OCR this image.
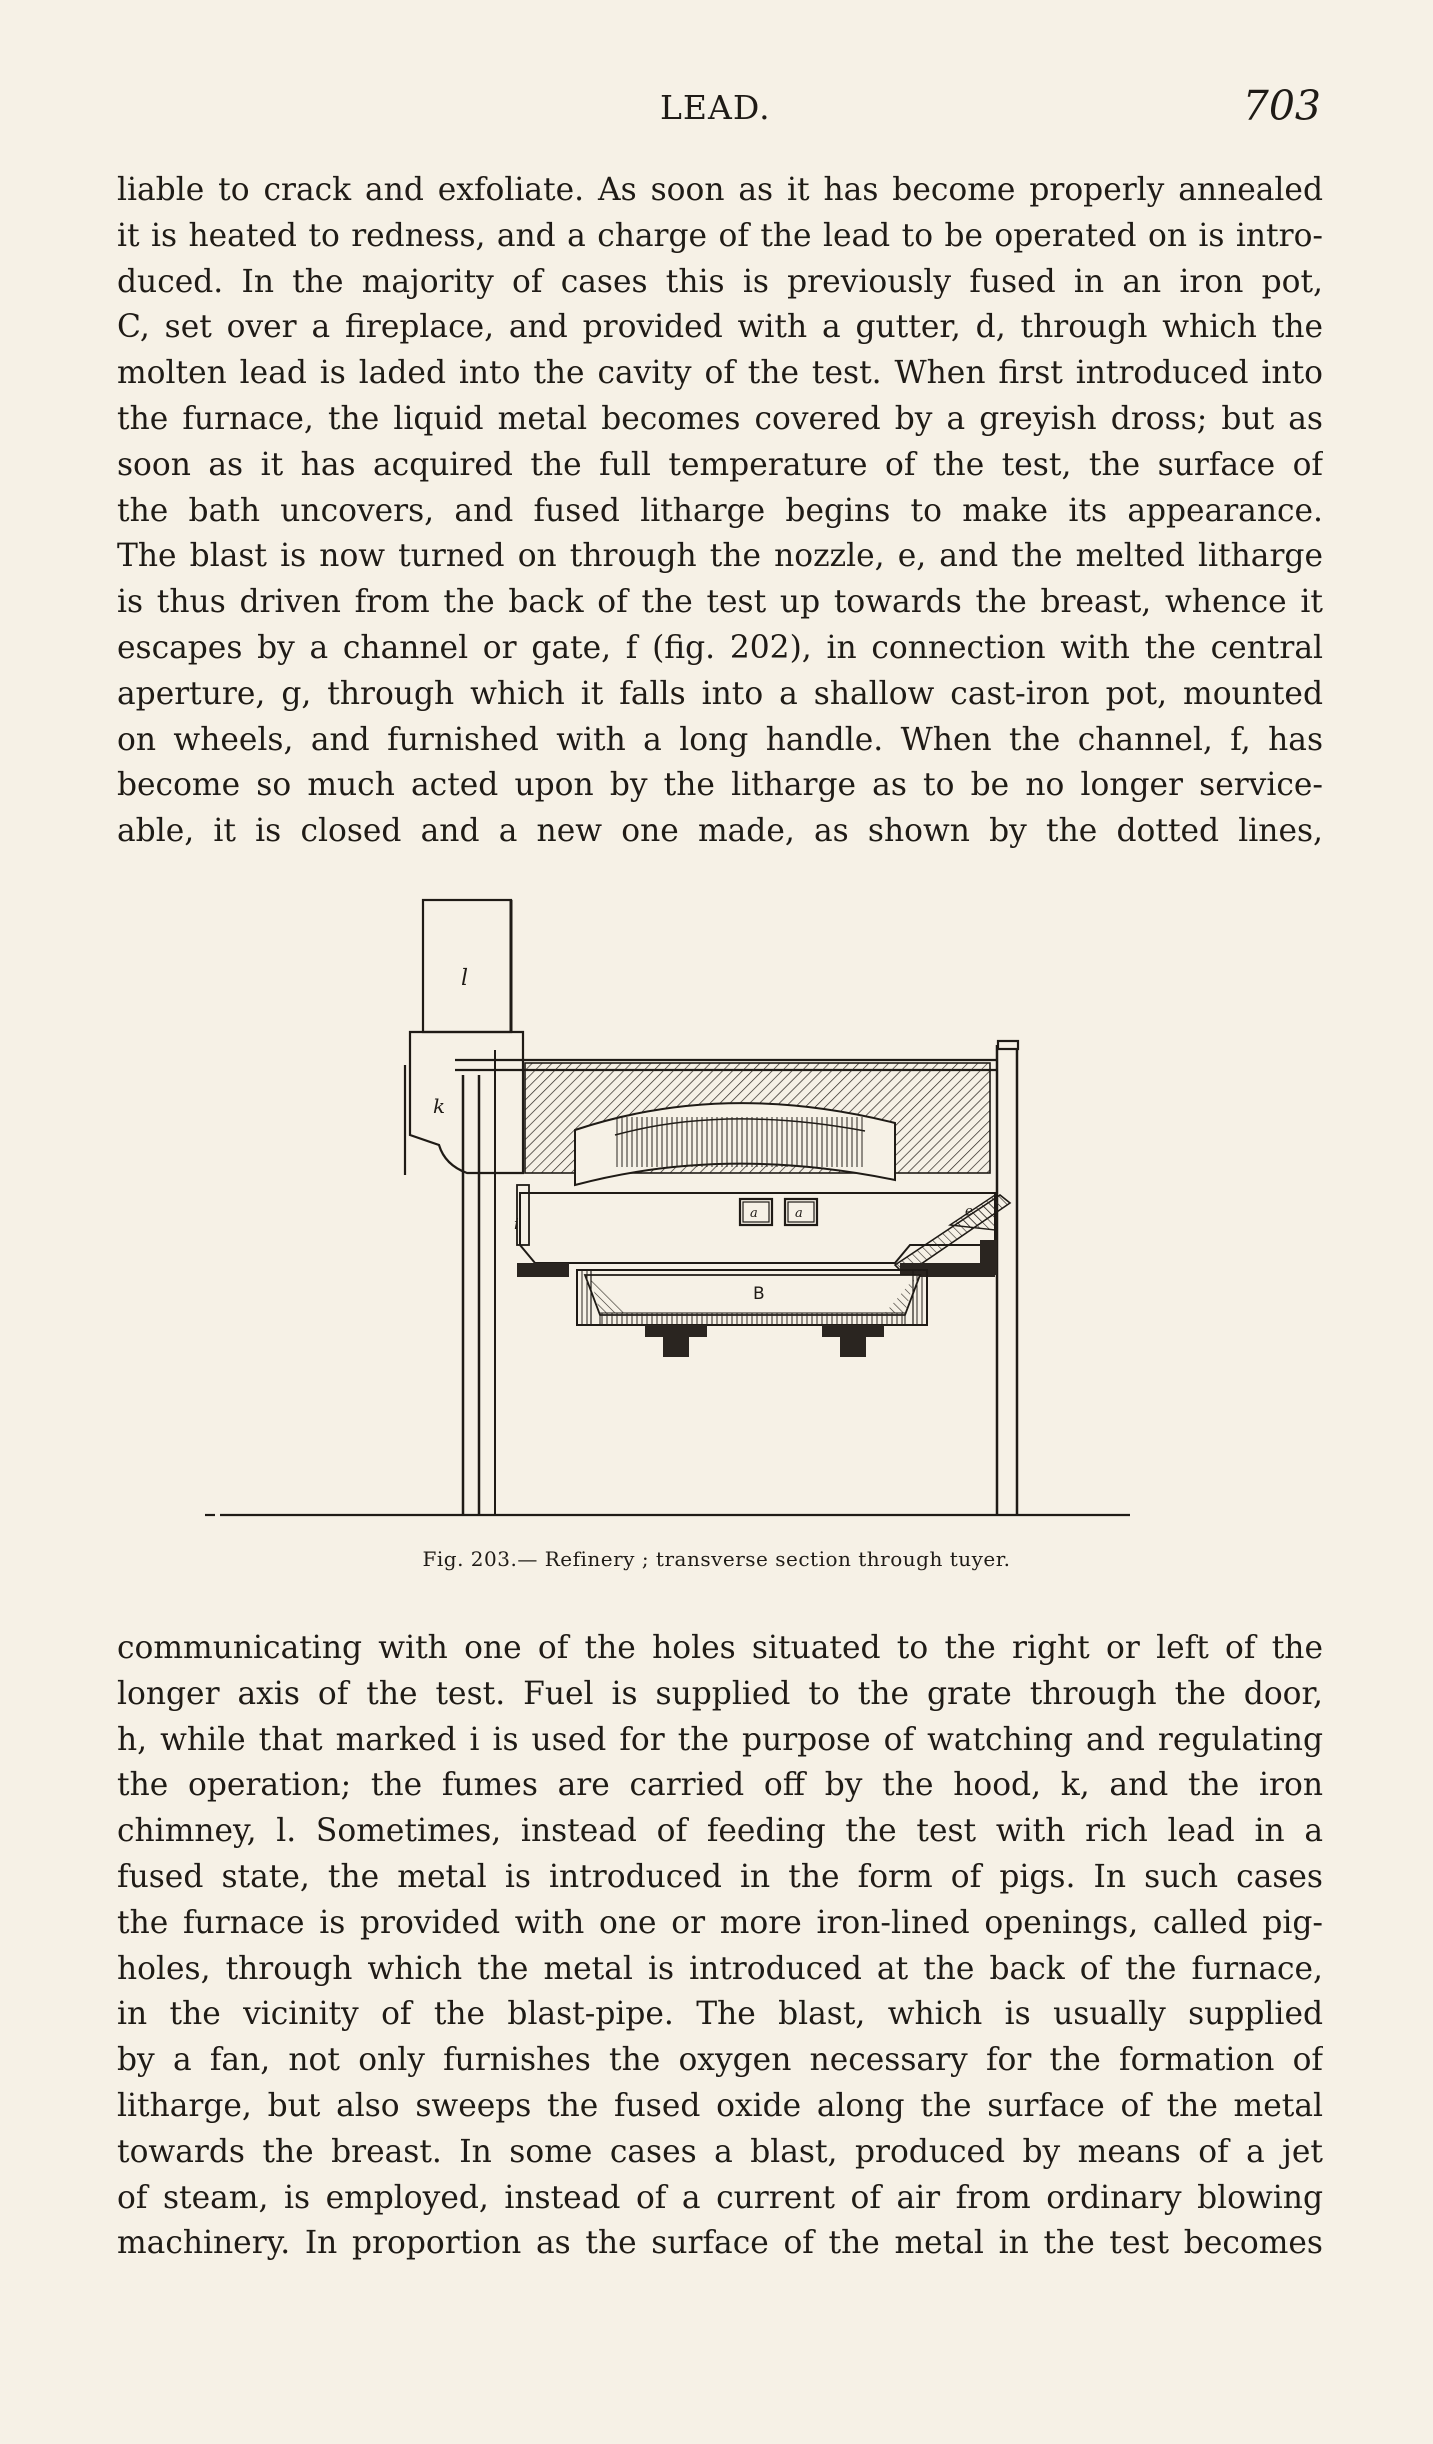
LEAD.	703
liable to crack and exfoliate. As soon as it has become properly annealed
it is heated to redness, and a charge of the lead to be operated on is intro-
duced. In the majority of cases this is previously fused in an iron pot,
C, set over a fireplace, and provided with a gutter, d, through which the
molten lead is laded into the cavity of the test. When first introduced into
the furnace, the liquid metal becomes covered by a greyish dross; but as
soon as it has acquired the full temperature of the test, the surface of
the bath uncovers, and fused litharge begins to make its appearance.
The blast is now turned on through the nozzle, e, and the melted litharge
is thus driven from the back of the test up towards the breast, whence it
escapes by a channel or gate, f (fig. 202), in connection with the central
aperture, g, through which it falls into a shallow cast-iron pot, mounted
on wheels, and furnished with a long handle. When the channel, f, has
become so much acted upon by the litharge as to be no longer service-
able, it is closed and a new one made, as shown by the dotted lines,
l
k
i
e
a	a
B
Fig. 203.— Refinery ; transverse section through tuyer.
communicating with one of the holes situated to the right or left of the
longer axis of the test. Fuel is supplied to the grate through the door,
h, while that marked i is used for the purpose of watching and regulating
the operation; the fumes are carried off by the hood, k, and the iron
chimney, l. Sometimes, instead of feeding the test with rich lead in a
fused state, the metal is introduced in the form of pigs. In such cases
the furnace is provided with one or more iron-lined openings, called pig-
holes, through which the metal is introduced at the back of the furnace,
in the vicinity of the blast-pipe. The blast, which is usually supplied
by a fan, not only furnishes the oxygen necessary for the formation of
litharge, but also sweeps the fused oxide along the surface of the metal
towards the breast. In some cases a blast, produced by means of a jet
of steam, is employed, instead of a current of air from ordinary blowing
machinery. In proportion as the surface of the metal in the test becomes
